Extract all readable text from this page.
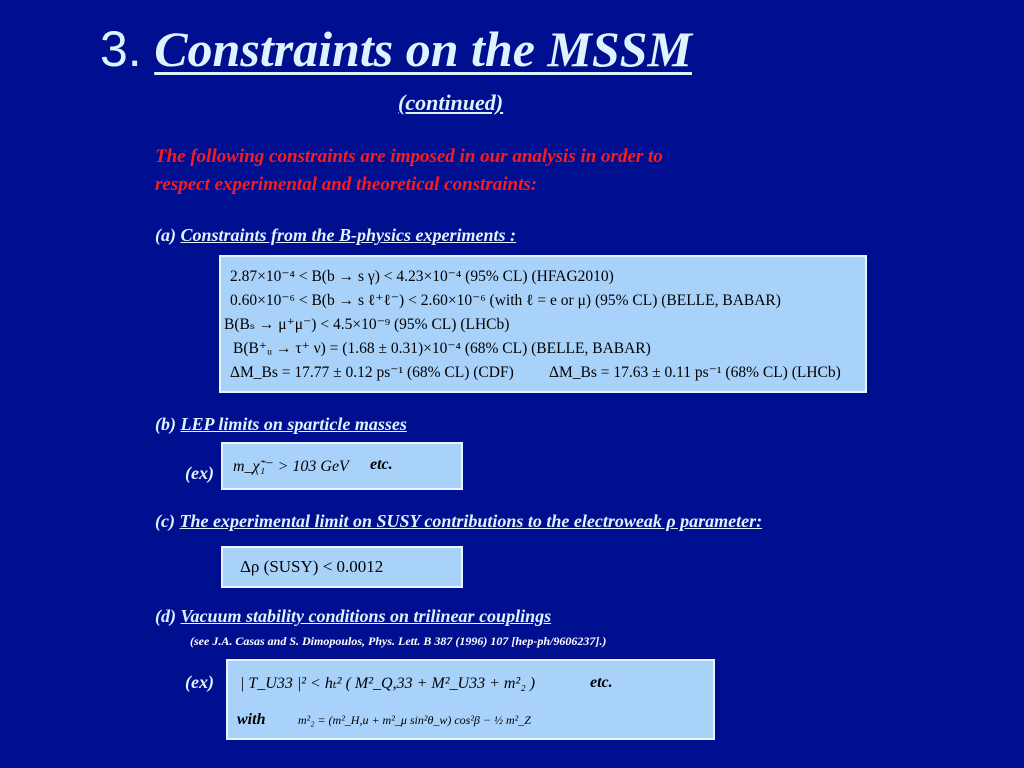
3. Constraints on the MSSM
(continued)
The following constraints are imposed in our analysis in order to
respect experimental and theoretical constraints:
(a) Constraints from the B-physics experiments :
2.87×10⁻⁴ < B(b → s γ) < 4.23×10⁻⁴ (95% CL) (HFAG2010)
0.60×10⁻⁶ < B(b → s ℓ⁺ℓ⁻) < 2.60×10⁻⁶ (with ℓ = e or μ) (95% CL) (BELLE, BABAR)
B(Bₛ → μ⁺μ⁻) < 4.5×10⁻⁹ (95% CL) (LHCb)
B(B⁺ᵤ → τ⁺ ν) = (1.68 ± 0.31)×10⁻⁴ (68% CL) (BELLE, BABAR)
ΔM_Bs = 17.77 ± 0.12 ps⁻¹ (68% CL) (CDF) ΔM_Bs = 17.63 ± 0.11 ps⁻¹ (68% CL) (LHCb)
(b) LEP limits on sparticle masses
(ex) m_χ̃₁⁻ > 103 GeV etc.
(c) The experimental limit on SUSY contributions to the electroweak ρ parameter:
Δρ (SUSY) < 0.0012
(d) Vacuum stability conditions on trilinear couplings
(see J.A. Casas and S. Dimopoulos, Phys. Lett. B 387 (1996) 107 [hep-ph/9606237].)
(ex) | T_U33 |² < hₜ² ( M²_Q,33 + M²_U33 + m²₂ )	etc.
with	m²₂ = (m²_H,u + m²_μ sin²θ_w) cos²β − ½ m²_Z
